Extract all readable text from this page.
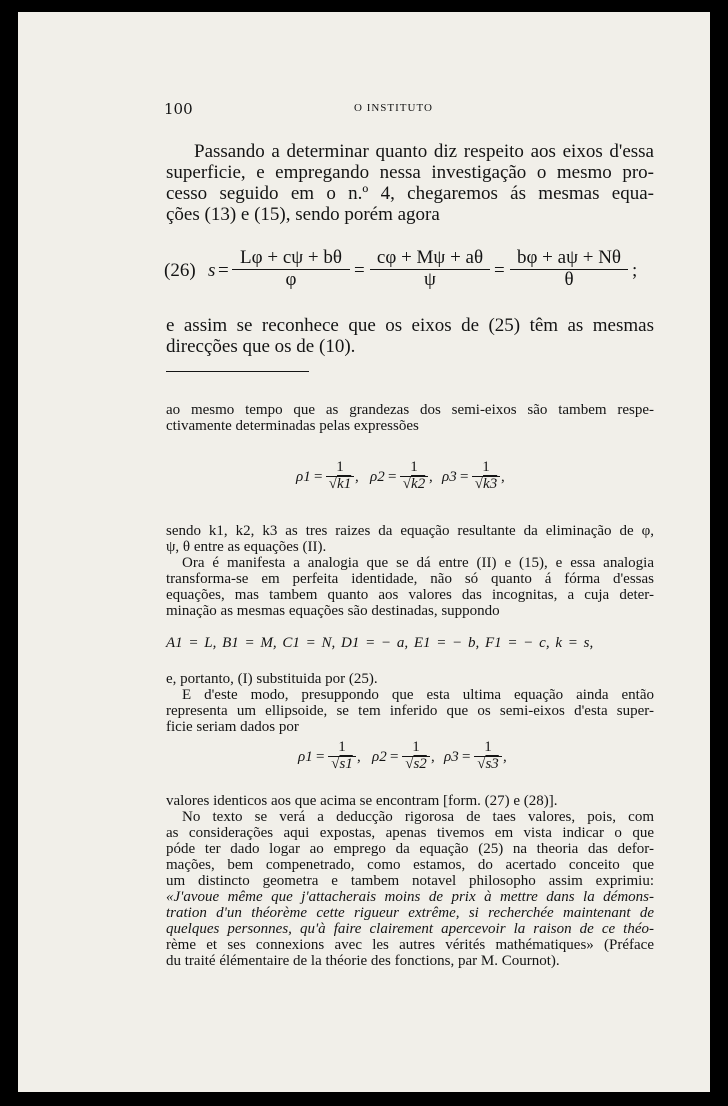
100	O INSTITUTO
Passando a determinar quanto diz respeito aos eixos d'essa
superficie, e empregando nessa investigação o mesmo pro-
cesso seguido em o n.º 4, chegaremos ás mesmas equa-
ções (13) e (15), sendo porém agora
(26) $s = \frac{L\varphi + c\psi + b\theta}{\varphi} = \frac{c\varphi + M\psi + a\theta}{\psi} = \frac{b\varphi + a\psi + N\theta}{\theta}$ ;
e assim se reconhece que os eixos de (25) têm as mesmas
direcções que os de (10).
ao mesmo tempo que as grandezas dos semi-eixos são tambem respe-
ctivamente determinadas pelas expressões
$\rho 1 = \frac{1}{√k1}$ , $\rho 2 = \frac{1}{√k2}$ , $\rho 3 = \frac{1}{√k3}$ ,
sendo k1, k2, k3 as tres raizes da equação resultante da eliminação de φ,
ψ, θ entre as equações (II).
Ora é manifesta a analogia que se dá entre (II) e (15), e essa analogia
transforma-se em perfeita identidade, não só quanto á fórma d'essas
equações, mas tambem quanto aos valores das incognitas, a cuja deter-
minação as mesmas equações são destinadas, suppondo
A1 = L, B1 = M, C1 = N, D1 = − a, E1 = − b, F1 = − c, k = s,
e, portanto, (I) substituida por (25).
E d'este modo, presuppondo que esta ultima equação ainda então
representa um ellipsoide, se tem inferido que os semi-eixos d'esta super-
ficie seriam dados por
$\rho 1 = \frac{1}{√s1}$ , $\rho 2 = \frac{1}{√s2}$ , $\rho 3 = \frac{1}{√s3}$ ,
valores identicos aos que acima se encontram [form. (27) e (28)].
No texto se verá a deducção rigorosa de taes valores, pois, com
as considerações aqui expostas, apenas tivemos em vista indicar o que
póde ter dado logar ao emprego da equação (25) na theoria das defor-
mações, bem compenetrado, como estamos, do acertado conceito que
um distincto geometra e tambem notavel philosopho assim exprimiu:
«J'avoue même que j'attacherais moins de prix à mettre dans la démons-
tration d'un théorème cette rigueur extrême, si recherchée maintenant de
quelques personnes, qu'à faire clairement apercevoir la raison de ce théo-
rème et ses connexions avec les autres vérités mathématiques» (Préface
du traité élémentaire de la théorie des fonctions, par M. Cournot).
